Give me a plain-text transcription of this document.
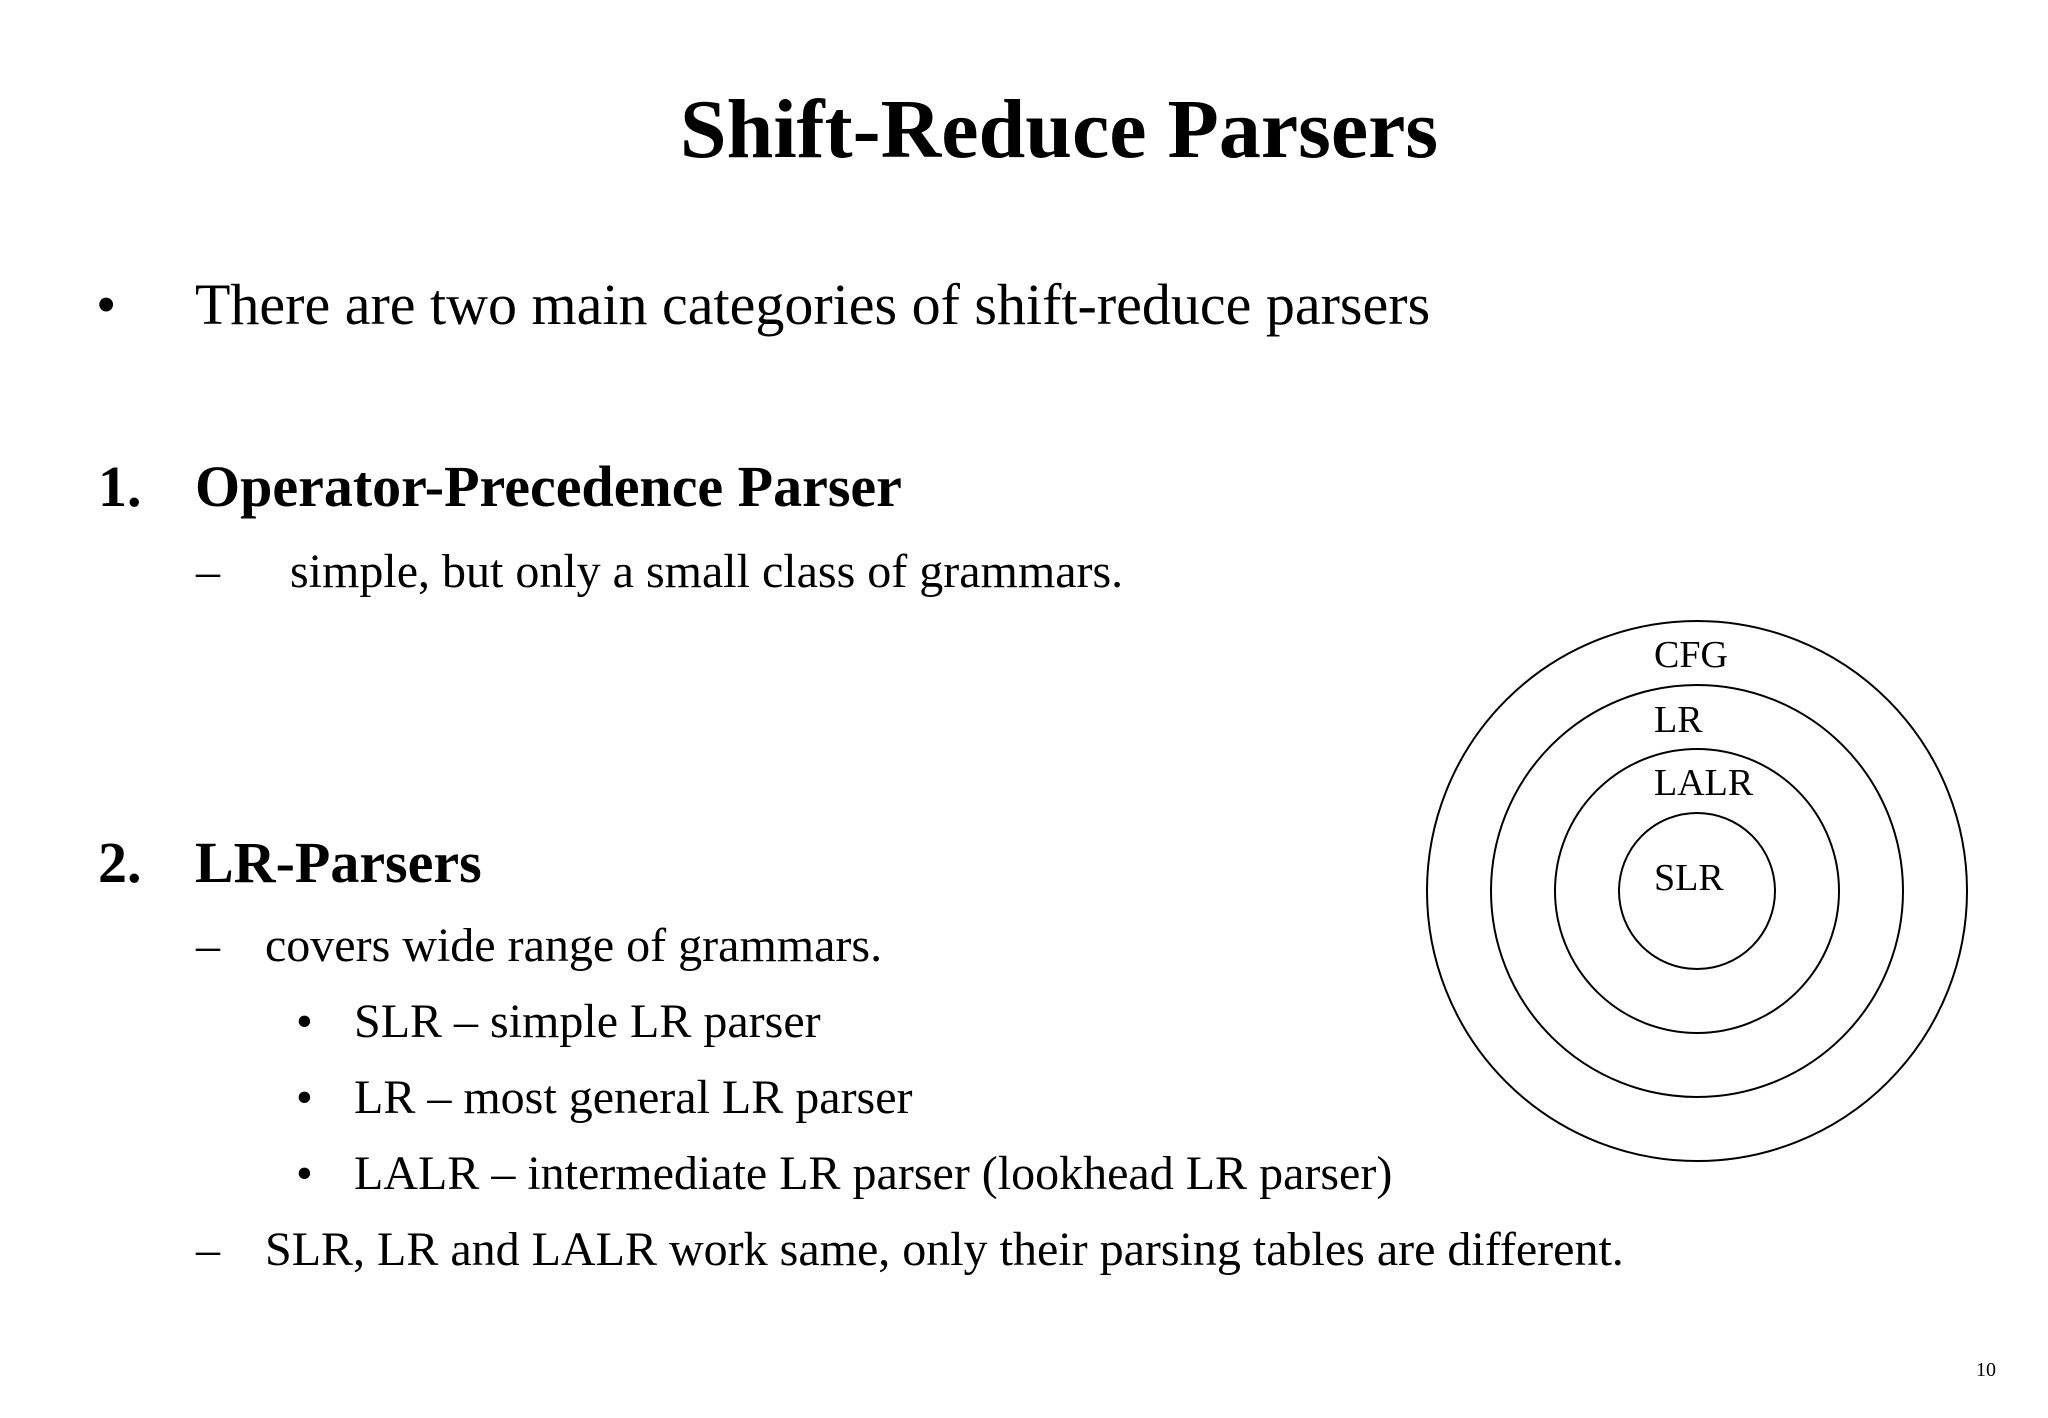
Shift-Reduce Parsers
• There are two main categories of shift-reduce parsers
1. Operator-Precedence Parser
– simple, but only a small class of grammars.
2. LR-Parsers
– covers wide range of grammars.
• SLR – simple LR parser
• LR – most general LR parser
• LALR – intermediate LR parser (lookhead LR parser)
– SLR, LR and LALR work same, only their parsing tables are different.
CFG
LR
LALR
SLR
10
